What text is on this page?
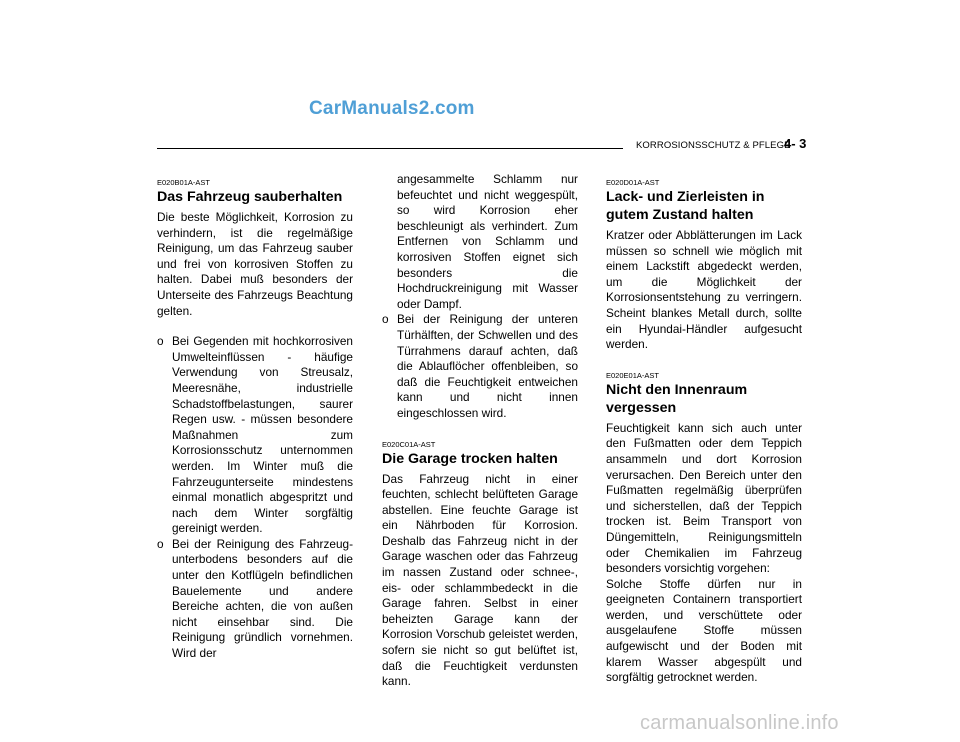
CarManuals2.com
KORROSIONSSCHUTZ & PFLEGE
4- 3
E020B01A-AST
Das Fahrzeug sauberhalten

Die beste Möglichkeit, Korrosion zu verhindern, ist die regelmäßige Reinigung, um das Fahrzeug sauber und frei von korrosiven Stoffen zu halten. Dabei muß besonders der Unterseite des Fahrzeugs Beachtung gelten.

o Bei Gegenden mit hochkorrosiven Umwelteinflüssen - häufige Verwendung von Streusalz, Meeresnähe, industrielle Schadstoffbelastungen, saurer Regen usw. - müssen besondere Maßnahmen zum Korrosionsschutz unternommen werden. Im Winter muß die Fahrzeugunterseite mindestens einmal monatlich abgespritzt und nach dem Winter sorgfältig gereinigt werden.
o Bei der Reinigung des Fahrzeug-unterbodens besonders auf die unter den Kotflügeln befindlichen Bauelemente und andere Bereiche achten, die von außen nicht einsehbar sind. Die Reinigung gründlich vornehmen. Wird der
angesammelte Schlamm nur befeuchtet und nicht weggespült, so wird Korrosion eher beschleunigt als verhindert. Zum Entfernen von Schlamm und korrosiven Stoffen eignet sich besonders die Hochdruckreinigung mit Wasser oder Dampf.
o Bei der Reinigung der unteren Türhälften, der Schwellen und des Türrahmens darauf achten, daß die Ablauflöcher offenbleiben, so daß die Feuchtigkeit entweichen kann und nicht innen eingeschlossen wird.
E020C01A-AST
Die Garage trocken halten

Das Fahrzeug nicht in einer feuchten, schlecht belüfteten Garage abstellen. Eine feuchte Garage ist ein Nährboden für Korrosion. Deshalb das Fahrzeug nicht in der Garage waschen oder das Fahrzeug im nassen Zustand oder schnee-, eis- oder schlammbedeckt in die Garage fahren. Selbst in einer beheizten Garage kann der Korrosion Vorschub geleistet werden, sofern sie nicht so gut belüftet ist, daß die Feuchtigkeit verdunsten kann.

E020D01A-AST
Lack- und Zierleisten in gutem Zustand halten

Kratzer oder Abblätterungen im Lack müssen so schnell wie möglich mit einem Lackstift abgedeckt werden, um die Möglichkeit der Korrosionsentstehung zu verringern. Scheint blankes Metall durch, sollte ein Hyundai-Händler aufgesucht werden.

E020E01A-AST
Nicht den Innenraum vergessen

Feuchtigkeit kann sich auch unter den Fußmatten oder dem Teppich ansammeln und dort Korrosion verursachen. Den Bereich unter den Fußmatten regelmäßig überprüfen und sicherstellen, daß der Teppich trocken ist. Beim Transport von Düngemitteln, Reinigungsmitteln oder Chemikalien im Fahrzeug besonders vorsichtig vorgehen:

Solche Stoffe dürfen nur in geeigneten Containern transportiert werden, und verschüttete oder ausgelaufene Stoffe müssen aufgewischt und der Boden mit klarem Wasser abgespült und sorgfältig getrocknet werden.

carmanualsonline.info
